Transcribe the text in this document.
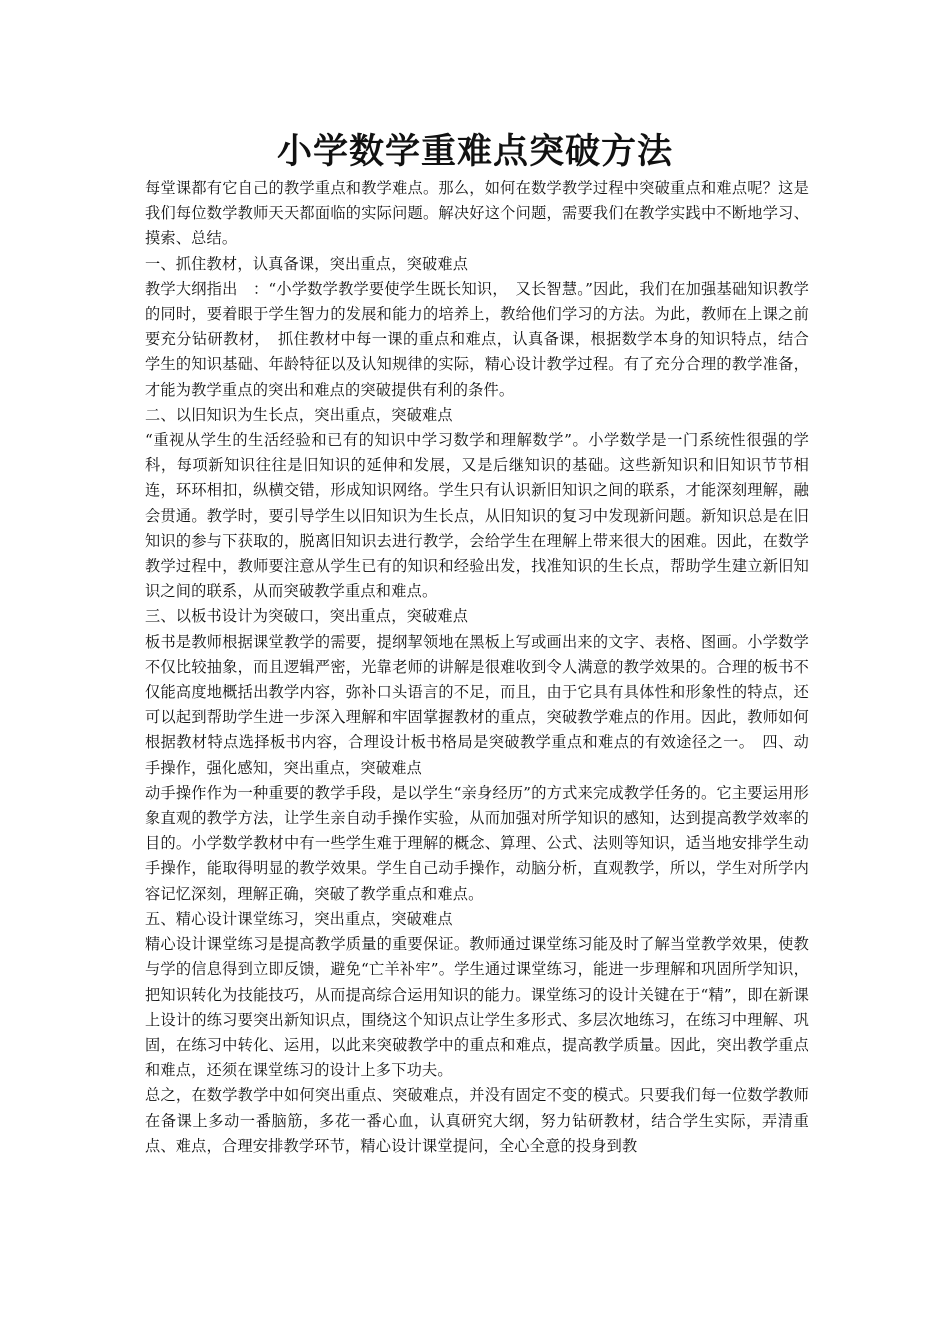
小学数学重难点突破方法

每堂课都有它自己的教学重点和教学难点。那么，如何在数学教学过程中突破重点和难点呢？这是我们每位数学教师天天都面临的实际问题。解决好这个问题，需要我们在教学实践中不断地学习、摸索、总结。

一、抓住教材，认真备课，突出重点，突破难点

教学大纲指出　：“小学数学教学要使学生既长知识，　又长智慧。”因此，我们在加强基础知识教学的同时，要着眼于学生智力的发展和能力的培养上，教给他们学习的方法。为此，教师在上课之前要充分钻研教材，　抓住教材中每一课的重点和难点，认真备课，根据数学本身的知识特点，结合学生的知识基础、年龄特征以及认知规律的实际，精心设计教学过程。有了充分合理的教学准备，才能为教学重点的突出和难点的突破提供有利的条件。

二、以旧知识为生长点，突出重点，突破难点

“重视从学生的生活经验和已有的知识中学习数学和理解数学”。小学数学是一门系统性很强的学科，每项新知识往往是旧知识的延伸和发展，又是后继知识的基础。这些新知识和旧知识节节相连，环环相扣，纵横交错，形成知识网络。学生只有认识新旧知识之间的联系，才能深刻理解，融会贯通。教学时，要引导学生以旧知识为生长点，从旧知识的复习中发现新问题。新知识总是在旧知识的参与下获取的，脱离旧知识去进行教学，会给学生在理解上带来很大的困难。因此，在数学教学过程中，教师要注意从学生已有的知识和经验出发，找准知识的生长点，帮助学生建立新旧知识之间的联系，从而突破教学重点和难点。

三、以板书设计为突破口，突出重点，突破难点

板书是教师根据课堂教学的需要，提纲挈领地在黑板上写或画出来的文字、表格、图画。小学数学不仅比较抽象，而且逻辑严密，光靠老师的讲解是很难收到令人满意的教学效果的。合理的板书不仅能高度地概括出教学内容，弥补口头语言的不足，而且，由于它具有具体性和形象性的特点，还可以起到帮助学生进一步深入理解和牢固掌握教材的重点，突破教学难点的作用。因此，教师如何根据教材特点选择板书内容，合理设计板书格局是突破教学重点和难点的有效途径之一。　四、动手操作，强化感知，突出重点，突破难点

动手操作作为一种重要的教学手段，是以学生“亲身经历”的方式来完成教学任务的。它主要运用形象直观的教学方法，让学生亲自动手操作实验，从而加强对所学知识的感知，达到提高教学效率的目的。小学数学教材中有一些学生难于理解的概念、算理、公式、法则等知识，适当地安排学生动手操作，能取得明显的教学效果。学生自己动手操作，动脑分析，直观教学，所以，学生对所学内容记忆深刻，理解正确，突破了教学重点和难点。

五、精心设计课堂练习，突出重点，突破难点

精心设计课堂练习是提高教学质量的重要保证。教师通过课堂练习能及时了解当堂教学效果，使教与学的信息得到立即反馈，避免“亡羊补牢”。学生通过课堂练习，能进一步理解和巩固所学知识，把知识转化为技能技巧，从而提高综合运用知识的能力。课堂练习的设计关键在于“精”，即在新课上设计的练习要突出新知识点，围绕这个知识点让学生多形式、多层次地练习，在练习中理解、巩固，在练习中转化、运用，以此来突破教学中的重点和难点，提高教学质量。因此，突出教学重点和难点，还须在课堂练习的设计上多下功夫。

总之，在数学教学中如何突出重点、突破难点，并没有固定不变的模式。只要我们每一位数学教师在备课上多动一番脑筋，多花一番心血，认真研究大纲，努力钻研教材，结合学生实际，弄清重点、难点，合理安排教学环节，精心设计课堂提问，全心全意的投身到教
